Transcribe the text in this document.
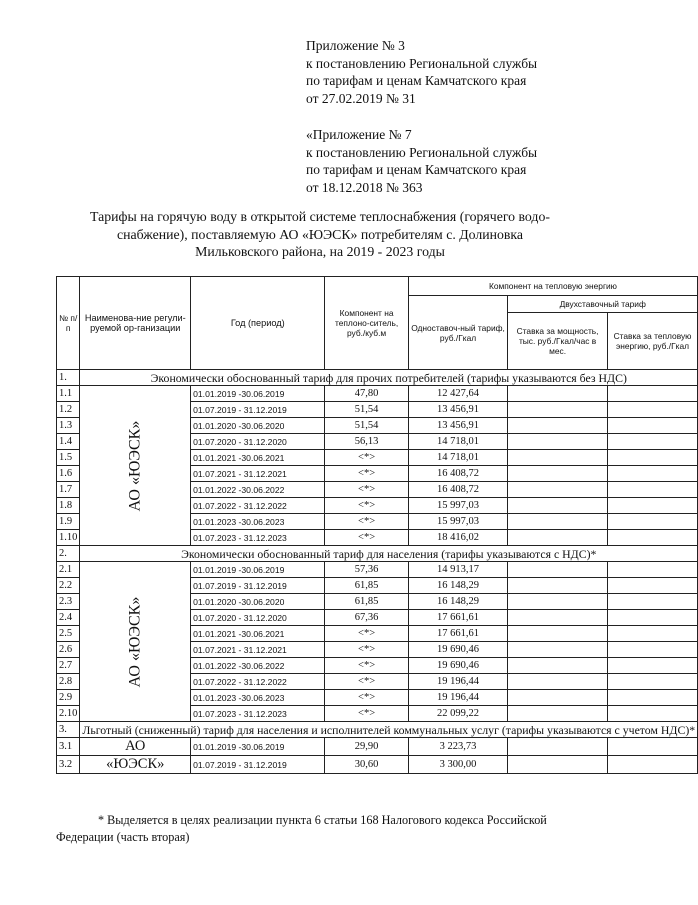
Приложение № 3
к постановлению Региональной службы
по тарифам и ценам Камчатского края
от 27.02.2019 № 31
«Приложение № 7
к постановлению Региональной службы
по тарифам и ценам Камчатского края
от 18.12.2018 № 363
Тарифы на горячую воду в открытой системе теплоснабжения (горячего водо-
снабжение), поставляемую АО «ЮЭСК» потребителям с. Долиновка
Мильковского района, на 2019 - 2023 годы
№ п/п	Наименова-ние регули-руемой ор-ганизации	Год (период)	Компонент на теплоно-ситель, руб./куб.м	Компонент на тепловую энергию		
				Одноставоч-ный тариф, руб./Гкал	Двухставочный тариф	
					Ставка за мощность, тыс. руб./Гкал/час в мес.	Ставка за тепловую энергию, руб./Гкал
1.	Экономически обоснованный тариф для прочих потребителей (тарифы указываются без НДС)					
1.1	АО «ЮЭСК»	01.01.2019 -30.06.2019	47,80	12 427,64		
1.2		01.07.2019 - 31.12.2019	51,54	13 456,91		
1.3		01.01.2020 -30.06.2020	51,54	13 456,91		
1.4		01.07.2020 - 31.12.2020	56,13	14 718,01		
1.5		01.01.2021 -30.06.2021	<*>	14 718,01		
1.6		01.07.2021 - 31.12.2021	<*>	16 408,72		
1.7		01.01.2022 -30.06.2022	<*>	16 408,72		
1.8		01.07.2022 - 31.12.2022	<*>	15 997,03		
1.9		01.01.2023 -30.06.2023	<*>	15 997,03		
1.10		01.07.2023 - 31.12.2023	<*>	18 416,02		
2.	Экономически обоснованный тариф для населения (тарифы указываются с НДС)*					
2.1	АО «ЮЭСК»	01.01.2019 -30.06.2019	57,36	14 913,17		
2.2		01.07.2019 - 31.12.2019	61,85	16 148,29		
2.3		01.01.2020 -30.06.2020	61,85	16 148,29		
2.4		01.07.2020 - 31.12.2020	67,36	17 661,61		
2.5		01.01.2021 -30.06.2021	<*>	17 661,61		
2.6		01.07.2021 - 31.12.2021	<*>	19 690,46		
2.7		01.01.2022 -30.06.2022	<*>	19 690,46		
2.8		01.07.2022 - 31.12.2022	<*>	19 196,44		
2.9		01.01.2023 -30.06.2023	<*>	19 196,44		
2.10		01.07.2023 - 31.12.2023	<*>	22 099,22		
3.	Льготный (сниженный) тариф для населения и исполнителей коммунальных услуг (тарифы указываются с учетом НДС)*					
3.1	АО	01.01.2019 -30.06.2019	29,90	3 223,73		
3.2	«ЮЭСК»	01.07.2019 - 31.12.2019	30,60	3 300,00		
* Выделяется в целях реализации пункта 6 статьи 168 Налогового кодекса Российской Федерации (часть вторая)
